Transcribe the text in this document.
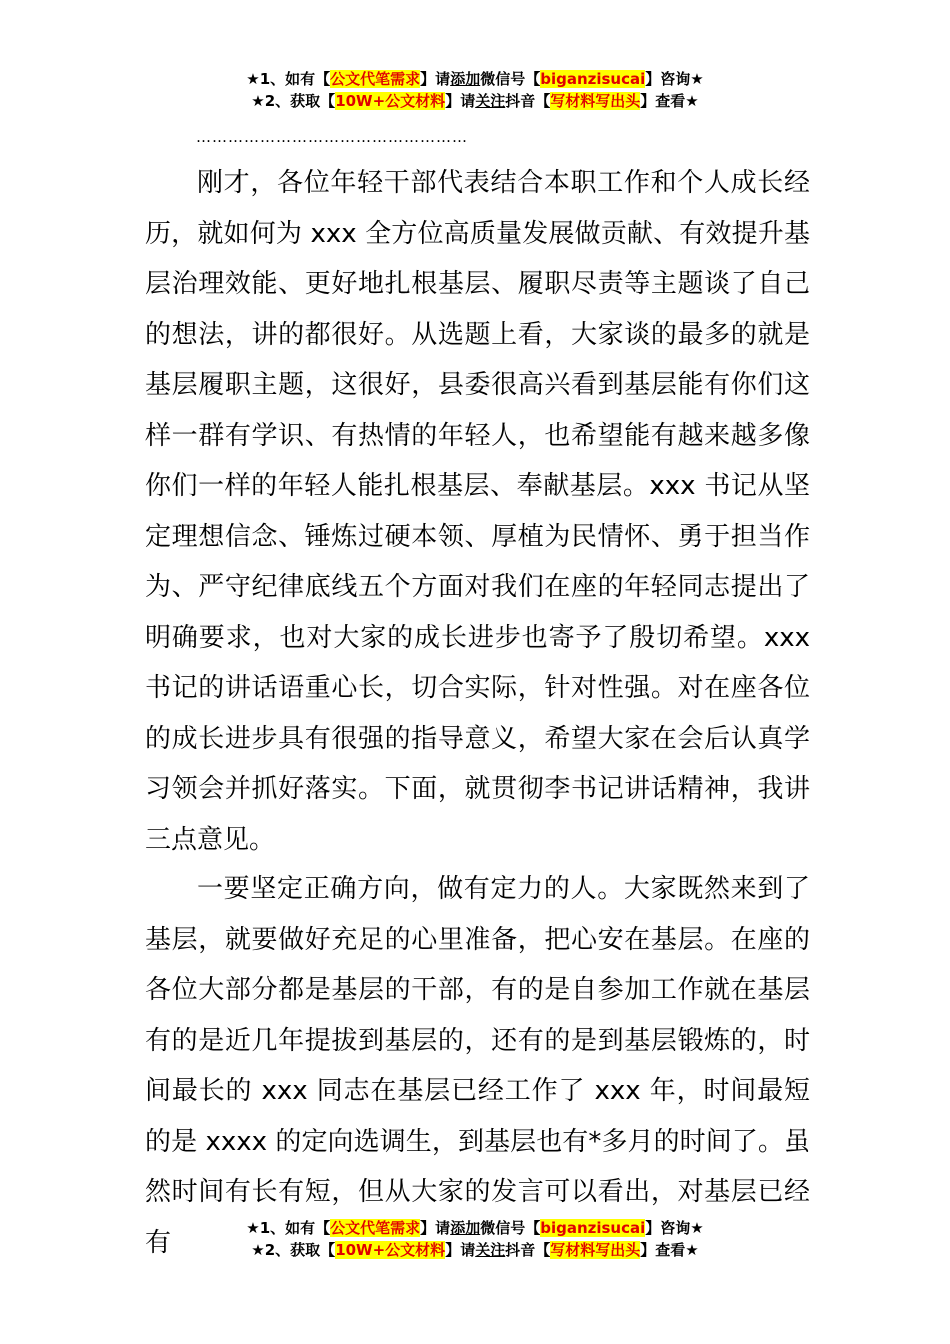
★1、如有【公文代笔需求】请添加微信号【biganzisucai】咨询★
★2、获取【10W+公文材料】请关注抖音【写材料写出头】查看★
……………………………………………

刚才，各位年轻干部代表结合本职工作和个人成长经历，就如何为 xxx 全方位高质量发展做贡献、有效提升基层治理效能、更好地扎根基层、履职尽责等主题谈了自己的想法，讲的都很好。从选题上看，大家谈的最多的就是基层履职主题，这很好，县委很高兴看到基层能有你们这样一群有学识、有热情的年轻人，也希望能有越来越多像你们一样的年轻人能扎根基层、奉献基层。xxx 书记从坚定理想信念、锤炼过硬本领、厚植为民情怀、勇于担当作为、严守纪律底线五个方面对我们在座的年轻同志提出了明确要求，也对大家的成长进步也寄予了殷切希望。xxx 书记的讲话语重心长，切合实际，针对性强。对在座各位的成长进步具有很强的指导意义，希望大家在会后认真学习领会并抓好落实。下面，就贯彻李书记讲话精神，我讲三点意见。

一要坚定正确方向，做有定力的人。大家既然来到了基层，就要做好充足的心里准备，把心安在基层。在座的各位大部分都是基层的干部，有的是自参加工作就在基层有的是近几年提拔到基层的，还有的是到基层锻炼的，时间最长的 xxx 同志在基层已经工作了 xxx 年，时间最短的是 xxxx 的定向选调生，到基层也有*多月的时间了。虽然时间有长有短，但从大家的发言可以看出，对基层已经有	★1、如有【公文代笔需求】请添加微信号【biganzisucai】咨询★
★2、获取【10W+公文材料】请关注抖音【写材料写出头】查看★
